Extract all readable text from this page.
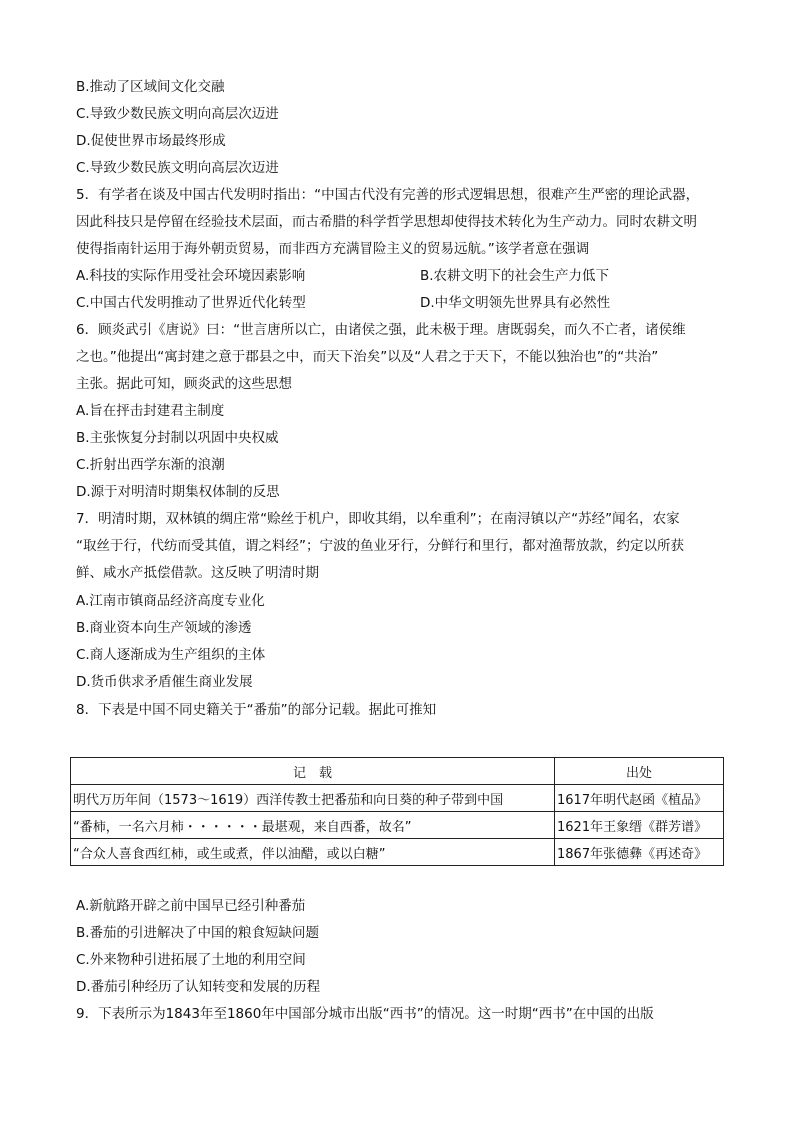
B.推动了区域间文化交融
C.导致少数民族文明向高层次迈进
D.促使世界市场最终形成
C.导致少数民族文明向高层次迈进
5．有学者在谈及中国古代发明时指出：“中国古代没有完善的形式逻辑思想，很难产生严密的理论武器，
因此科技只是停留在经验技术层面，而古希腊的科学哲学思想却使得技术转化为生产动力。同时农耕文明
使得指南针运用于海外朝贡贸易，而非西方充满冒险主义的贸易远航。”该学者意在强调
A.科技的实际作用受社会环境因素影响	B.农耕文明下的社会生产力低下
C.中国古代发明推动了世界近代化转型	D.中华文明领先世界具有必然性
6．顾炎武引《唐说》曰：“世言唐所以亡，由诸侯之强，此未极于理。唐既弱矣，而久不亡者，诸侯维
之也。”他提出“寓封建之意于郡县之中，而天下治矣”以及“人君之于天下，不能以独治也”的“共治”
主张。据此可知，顾炎武的这些思想
A.旨在抨击封建君主制度
B.主张恢复分封制以巩固中央权威
C.折射出西学东渐的浪潮
D.源于对明清时期集权体制的反思
7．明清时期，双林镇的绸庄常“赊丝于机户，即收其绢，以牟重利”；在南浔镇以产“苏经”闻名，农家
“取丝于行，代纺而受其值，谓之料经”；宁波的鱼业牙行，分鲜行和里行，都对渔帮放款，约定以所获
鲜、咸水产抵偿借款。这反映了明清时期
A.江南市镇商品经济高度专业化
B.商业资本向生产领域的渗透
C.商人逐渐成为生产组织的主体
D.货币供求矛盾催生商业发展
8．下表是中国不同史籍关于“番茄”的部分记载。据此可推知
记　载	出处
明代万历年间（1573～1619）西洋传教士把番茄和向日葵的种子带到中国	1617年明代赵函《植品》
“番柿，一名六月柿・・・・・・最堪观，来自西番，故名”	1621年王象缙《群芳谱》
“合众人喜食西红柿，或生或煮，伴以油醋，或以白糖”	1867年张德彝《再述奇》
A.新航路开辟之前中国早已经引种番茄
B.番茄的引进解决了中国的粮食短缺问题
C.外来物种引进拓展了土地的利用空间
D.番茄引种经历了认知转变和发展的历程
9．下表所示为1843年至1860年中国部分城市出版“西书”的情况。这一时期“西书”在中国的出版
